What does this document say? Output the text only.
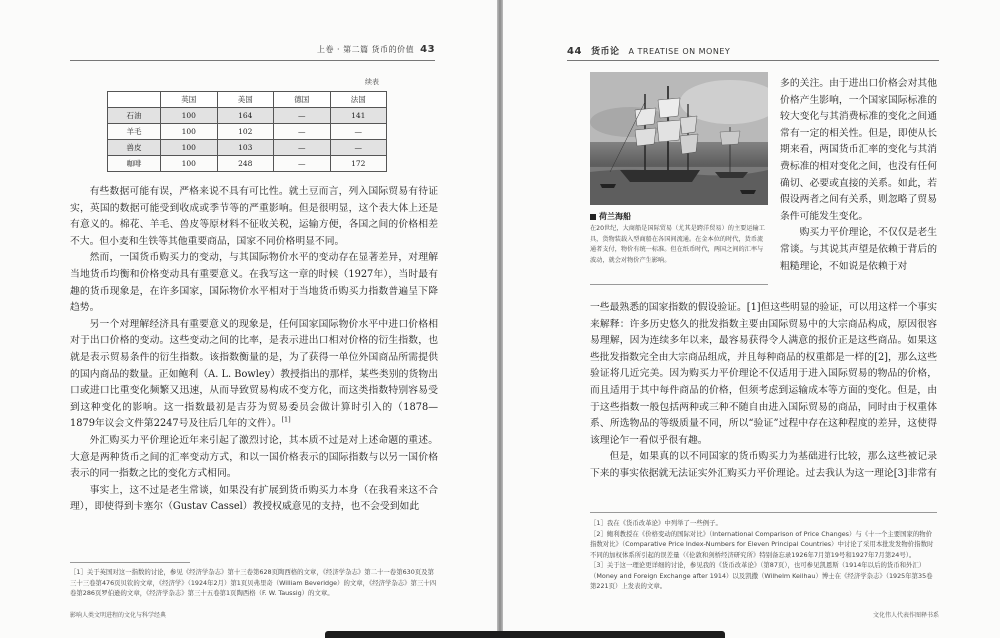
上卷 · 第二篇 货币的价值 43
续表
	英国	美国	德国	法国
石油	100	164	—	141
羊毛	100	102	—	—
兽皮	100	103	—	—
咖啡	100	248	—	172

有些数据可能有误，严格来说不具有可比性。就土豆而言，列入国际贸易有待证实，英国的数据可能受到收成或季节等的严重影响。但是很明显，这个表大体上还是有意义的。棉花、羊毛、兽皮等原材料不征收关税，运输方便，各国之间的价格相差不大。但小麦和生铁等其他重要商品，国家不同价格明显不同。

然而，一国货币购买力的变动，与其国际物价水平的变动存在显著差异，对理解当地货币均衡和价格变动具有重要意义。在我写这一章的时候（1927年），当时最有趣的货币现象是，在许多国家，国际物价水平相对于当地货币购买力指数普遍呈下降趋势。

另一个对理解经济具有重要意义的现象是，任何国家国际物价水平中进口价格相对于出口价格的变动。这些变动之间的比率，是表示进出口相对价格的衍生指数，也就是表示贸易条件的衍生指数。该指数衡量的是，为了获得一单位外国商品所需提供的国内商品的数量。正如鲍利（A. L. Bowley）教授指出的那样，某些类别的货物出口或进口比重变化频繁又迅速，从而导致贸易构成不变方化，而这类指数特别容易受到这种变化的影响。这一指数最初是吉芬为贸易委员会做计算时引入的（1878—1879年议会文件第2247号及往后几年的文件）。[1]

外汇购买力平价理论近年来引起了激烈讨论，其本质不过是对上述命题的重述。大意是两种货币之间的汇率变动方式，和以一国价格表示的国际指数与以另一国价格表示的同一指数之比的变化方式相同。

事实上，这不过是老生常谈，如果没有扩展到货币购买力本身（在我看来这不合理），即使得到卡塞尔（Gustav Cassel）教授权威意见的支持，也不会受到如此

［1］关于英国对这一指数的讨论，参见《经济学杂志》第十三卷第628页陶西格的文章，《经济学杂志》第二十一卷第630页及第三十三卷第476页贝钦的文章，《经济学》（1924年2月）第1页贝弗里奇（William Beveridge）的文章，《经济学杂志》第三十四卷第286页罗伯逊的文章，《经济学杂志》第三十五卷第1页陶西格（F. W. Taussig）的文章。

影响人类文明进程的文化与科学经典
44 货币论 A TREATISE ON MONEY
荷兰海船
在20世纪，大商船是国际贸易（尤其是跨洋贸易）的主要运输工具，货物装载入型商船在各国间流通。在金本位的时代，货币流通者支付，物价有统一标准。但在纸币时代，两国之间的汇率与波动，就会对物价产生影响。

多的关注。由于进出口价格会对其他价格产生影响，一个国家国际标准的较大变化与其消费标准的变化之间通常有一定的相关性。但是，即使从长期来看，两国货币汇率的变化与其消费标准的相对变化之间，也没有任何确切、必要或直接的关系。如此，若假设两者之间有关系，则忽略了贸易条件可能发生变化。

购买力平价理论，不仅仅是老生常谈。与其说其声望是依赖于背后的粗糙理论，不如说是依赖于对

一些最熟悉的国家指数的假设验证。[1]但这些明显的验证，可以用这样一个事实来解释：许多历史悠久的批发指数主要由国际贸易中的大宗商品构成，原因很容易理解，因为连续多年以来，最容易获得令人满意的报价正是这些商品。如果这些批发指数完全由大宗商品组成，并且每种商品的权重都是一样的[2]，那么这些验证将几近完美。因为购买力平价理论不仅适用于进入国际贸易的物品的价格，而且适用于其中每件商品的价格，但须考虑到运输成本等方面的变化。但是，由于这些指数一般包括两种或三种不随自由进入国际贸易的商品，同时由于权重体系、所选物品的等级质量不同，所以“验证”过程中存在这种程度的差异，这使得该理论乍一看似乎很有趣。

但是，如果真的以不同国家的货币购买力为基础进行比较，那么这些被记录下来的事实依据就无法证实外汇购买力平价理论。过去我认为这一理论[3]非常有

［1］我在《货币改革论》中列举了一些例子。

［2］鲍利教授在《价格变动的国际对比》（International Comparison of Price Changes）与《十一个主要国家的物价指数对比》（Comparative Price Index-Numbers for Eleven Principal Countries）中讨论了采用本批发发物价指数时不同的加权体系所引起的误差量（《伦敦和剑桥经济研究所》特别备忘录1926年7月第19号和1927年7月第24号）。

［3］关于这一理论更详细的讨论，参见我的《货币改革论》（第87页），也可参见凯恩斯（1914年以后的货币和外汇）（Money and Foreign Exchange after 1914）以及凯撒（Wilhelm Keilhau）博士在《经济学杂志》（1925年第35卷第221页）上发表的文章。

文化伟人代表作图释书系
